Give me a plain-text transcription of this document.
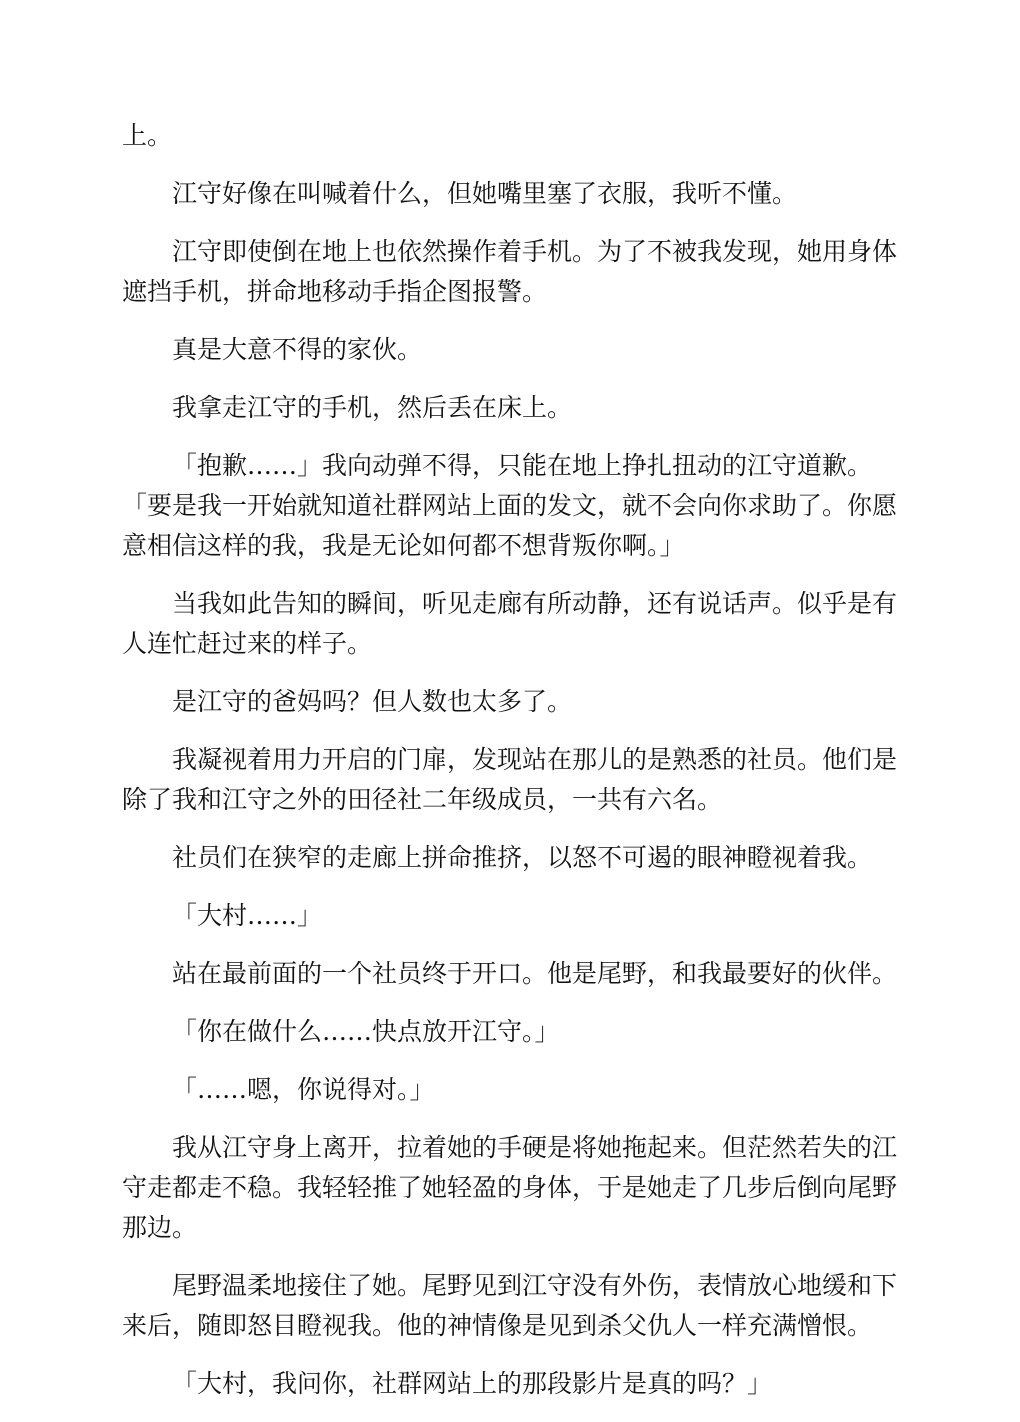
上。

江守好像在叫喊着什么，但她嘴里塞了衣服，我听不懂。

江守即使倒在地上也依然操作着手机。为了不被我发现，她用身体遮挡手机，拼命地移动手指企图报警。

真是大意不得的家伙。

我拿走江守的手机，然后丢在床上。

「抱歉……」我向动弹不得，只能在地上挣扎扭动的江守道歉。

「要是我一开始就知道社群网站上面的发文，就不会向你求助了。你愿意相信这样的我，我是无论如何都不想背叛你啊。」

当我如此告知的瞬间，听见走廊有所动静，还有说话声。似乎是有人连忙赶过来的样子。

是江守的爸妈吗？但人数也太多了。

我凝视着用力开启的门扉，发现站在那儿的是熟悉的社员。他们是除了我和江守之外的田径社二年级成员，一共有六名。

社员们在狭窄的走廊上拼命推挤，以怒不可遏的眼神瞪视着我。

「大村……」

站在最前面的一个社员终于开口。他是尾野，和我最要好的伙伴。

「你在做什么……快点放开江守。」

「……嗯，你说得对。」

我从江守身上离开，拉着她的手硬是将她拖起来。但茫然若失的江守走都走不稳。我轻轻推了她轻盈的身体，于是她走了几步后倒向尾野那边。

尾野温柔地接住了她。尾野见到江守没有外伤，表情放心地缓和下来后，随即怒目瞪视我。他的神情像是见到杀父仇人一样充满憎恨。

「大村，我问你，社群网站上的那段影片是真的吗？」
